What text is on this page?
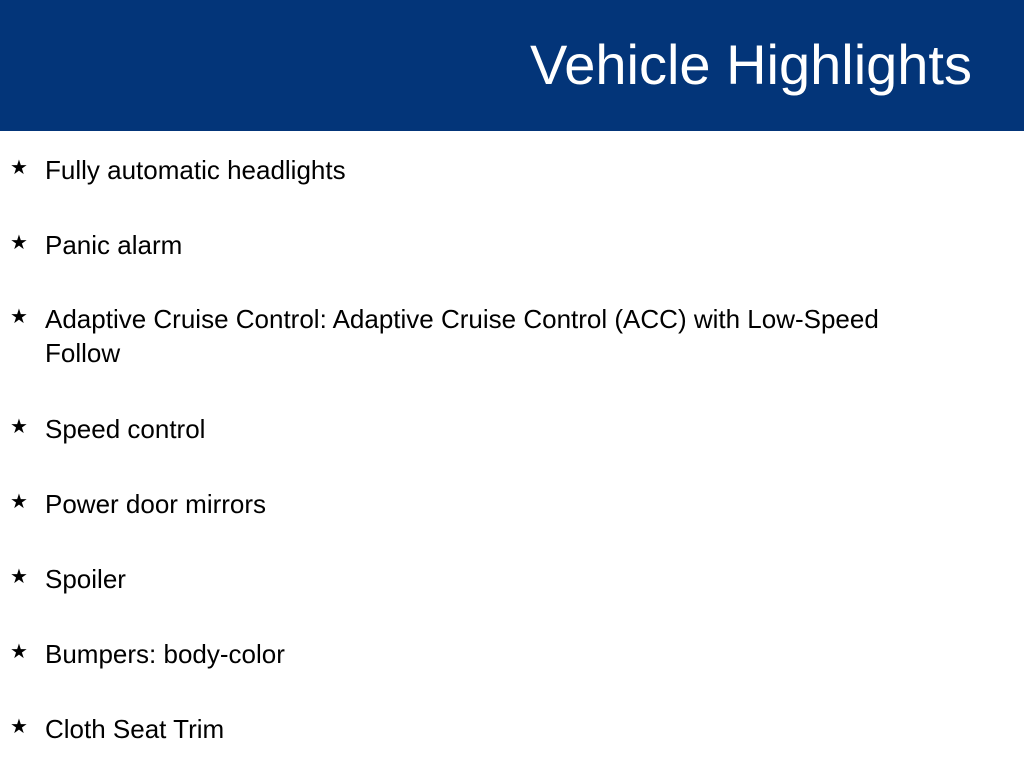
Vehicle Highlights
★ Fully automatic headlights
★ Panic alarm
★ Adaptive Cruise Control: Adaptive Cruise Control (ACC) with Low-Speed Follow
★ Speed control
★ Power door mirrors
★ Spoiler
★ Bumpers: body-color
★ Cloth Seat Trim
